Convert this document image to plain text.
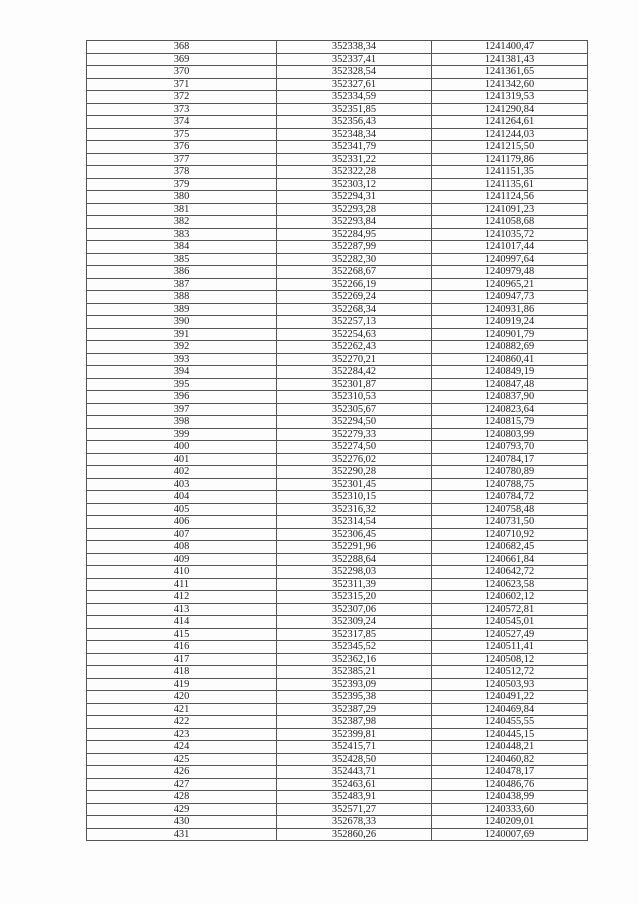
368	352338,34	1241400,47
369	352337,41	1241381,43
370	352328,54	1241361,65
371	352327,61	1241342,60
372	352334,59	1241319,53
373	352351,85	1241290,84
374	352356,43	1241264,61
375	352348,34	1241244,03
376	352341,79	1241215,50
377	352331,22	1241179,86
378	352322,28	1241151,35
379	352303,12	1241135,61
380	352294,31	1241124,56
381	352293,28	1241091,23
382	352293,84	1241058,68
383	352284,95	1241035,72
384	352287,99	1241017,44
385	352282,30	1240997,64
386	352268,67	1240979,48
387	352266,19	1240965,21
388	352269,24	1240947,73
389	352268,34	1240931,86
390	352257,13	1240919,24
391	352254,63	1240901,79
392	352262,43	1240882,69
393	352270,21	1240860,41
394	352284,42	1240849,19
395	352301,87	1240847,48
396	352310,53	1240837,90
397	352305,67	1240823,64
398	352294,50	1240815,79
399	352279,33	1240803,99
400	352274,50	1240793,70
401	352276,02	1240784,17
402	352290,28	1240780,89
403	352301,45	1240788,75
404	352310,15	1240784,72
405	352316,32	1240758,48
406	352314,54	1240731,50
407	352306,45	1240710,92
408	352291,96	1240682,45
409	352288,64	1240661,84
410	352298,03	1240642,72
411	352311,39	1240623,58
412	352315,20	1240602,12
413	352307,06	1240572,81
414	352309,24	1240545,01
415	352317,85	1240527,49
416	352345,52	1240511,41
417	352362,16	1240508,12
418	352385,21	1240512,72
419	352393,09	1240503,93
420	352395,38	1240491,22
421	352387,29	1240469,84
422	352387,98	1240455,55
423	352399,81	1240445,15
424	352415,71	1240448,21
425	352428,50	1240460,82
426	352443,71	1240478,17
427	352463,61	1240486,76
428	352483,91	1240438,99
429	352571,27	1240333,60
430	352678,33	1240209,01
431	352860,26	1240007,69
